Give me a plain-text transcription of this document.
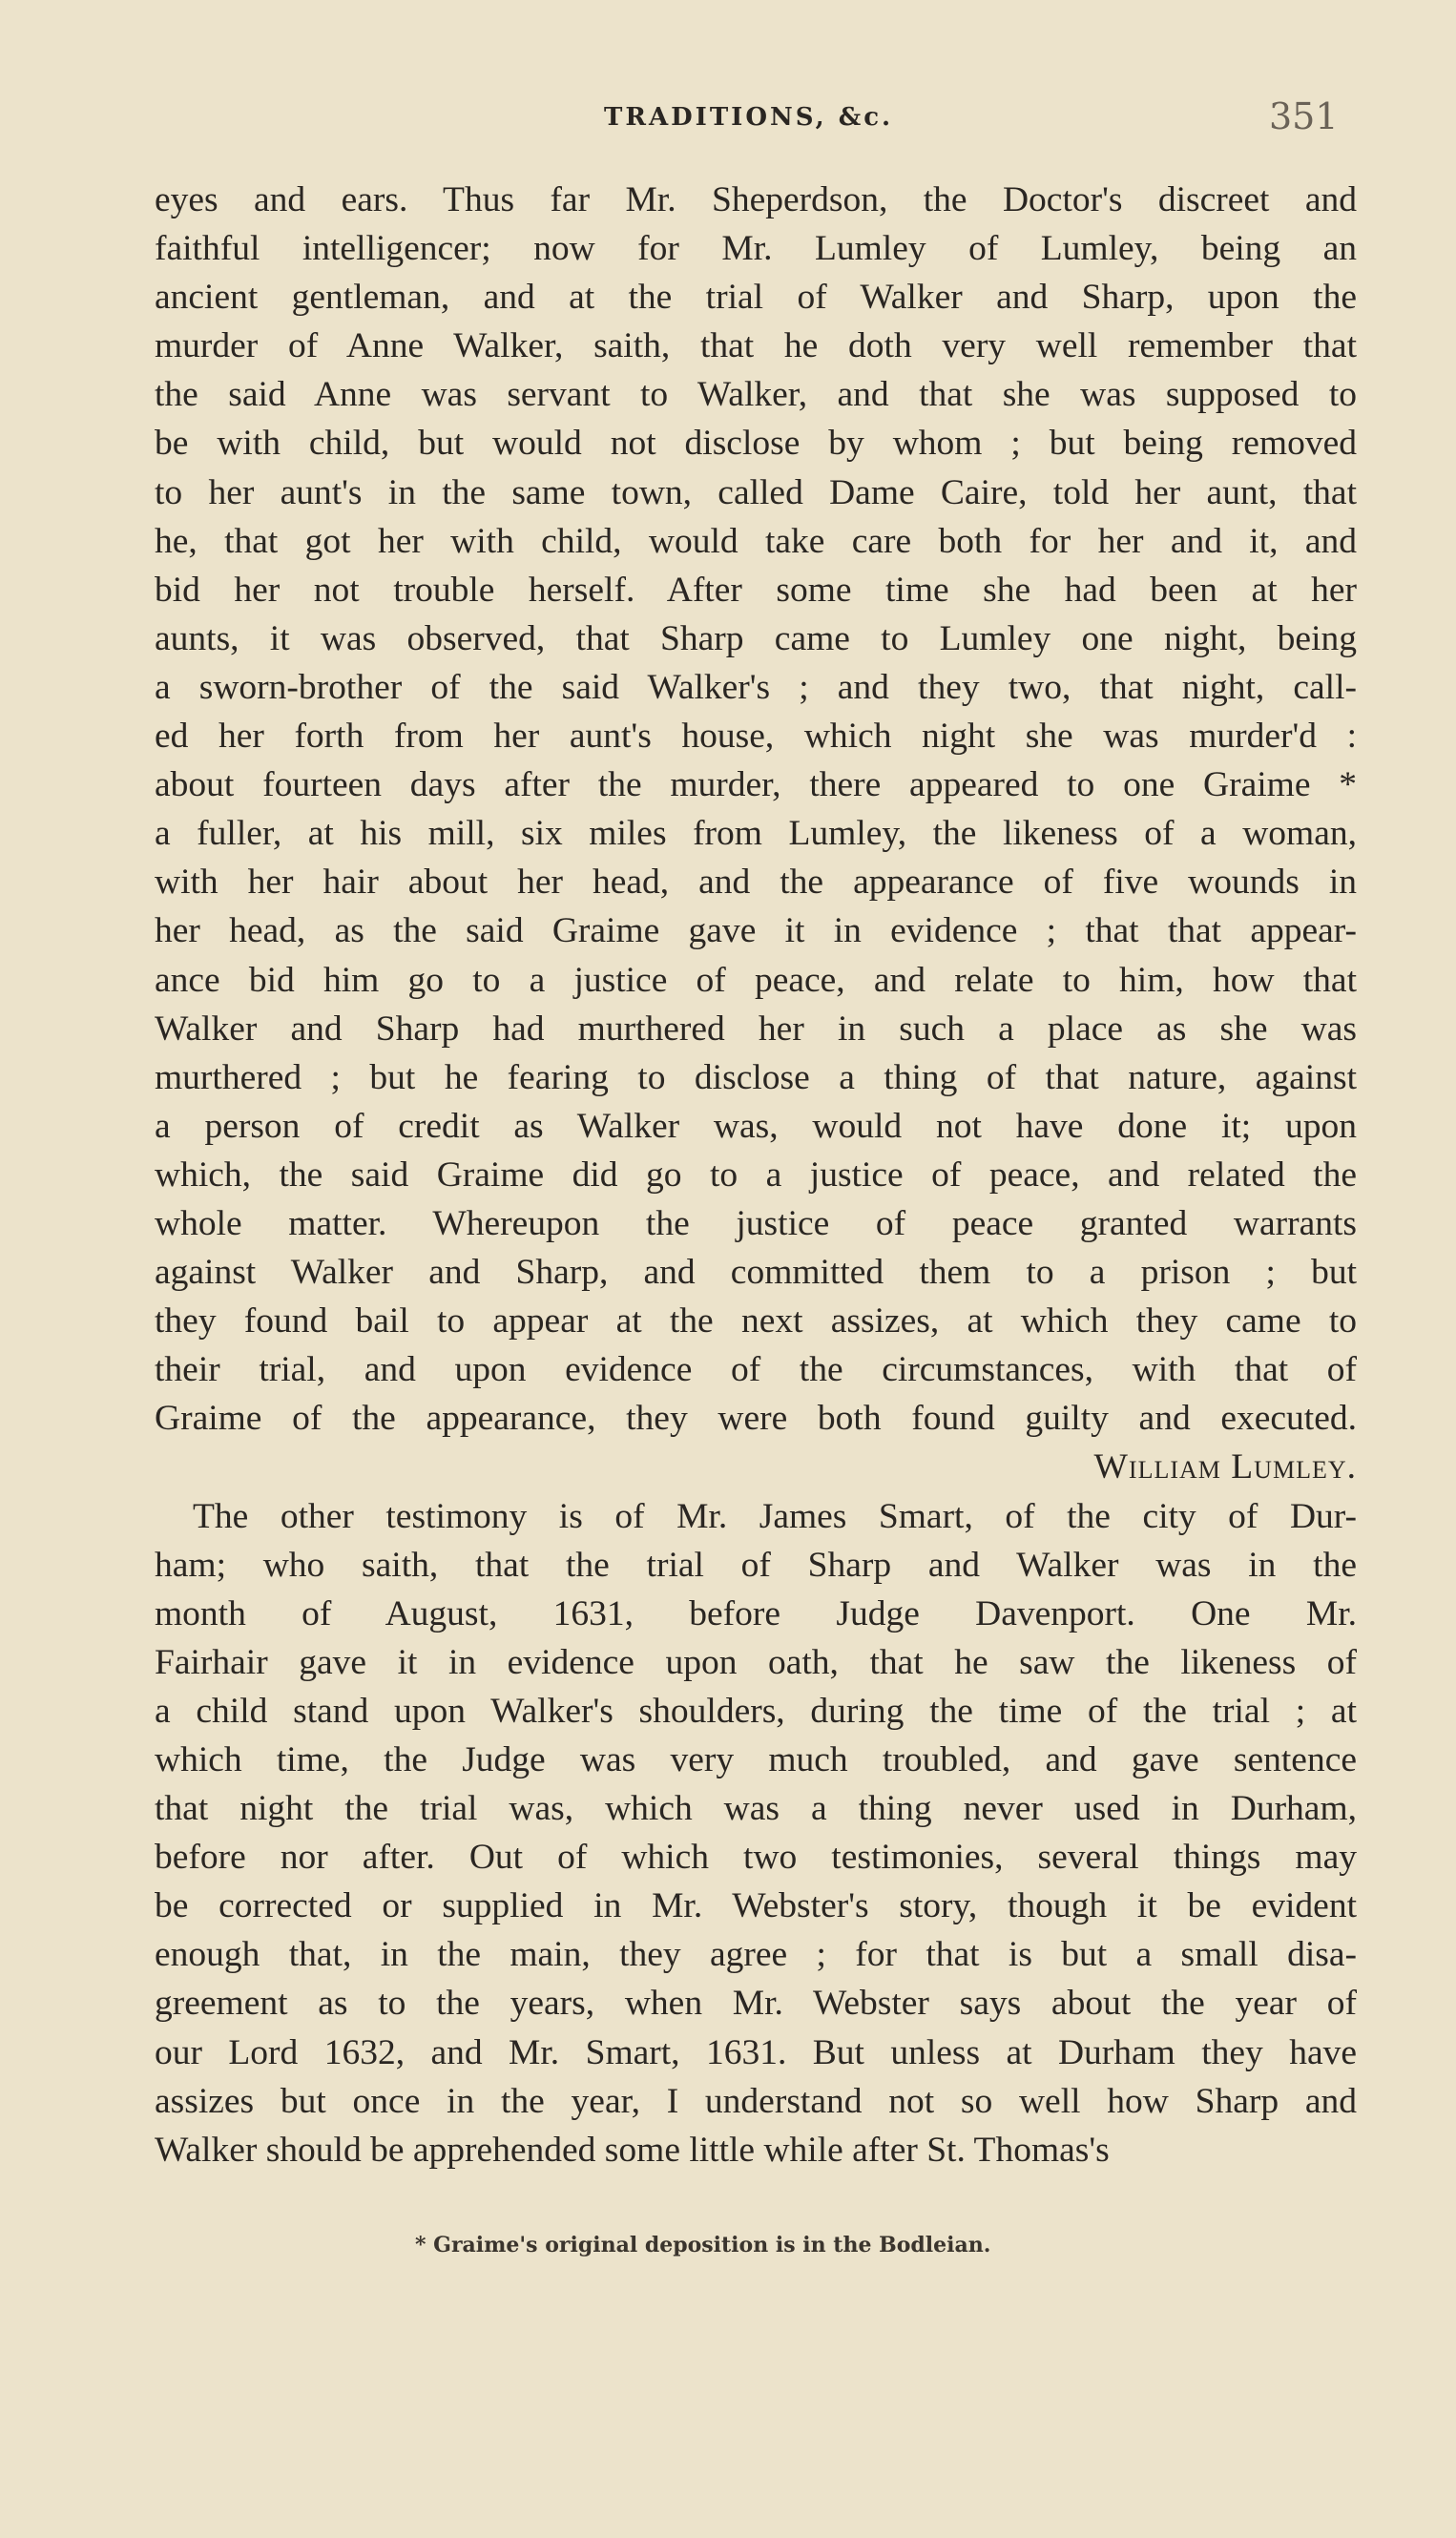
TRADITIONS, &c.	351
eyes and ears. Thus far Mr. Sheperdson, the Doctor's discreet and
faithful intelligencer; now for Mr. Lumley of Lumley, being an
ancient gentleman, and at the trial of Walker and Sharp, upon the
murder of Anne Walker, saith, that he doth very well remember that
the said Anne was servant to Walker, and that she was supposed to
be with child, but would not disclose by whom ; but being removed
to her aunt's in the same town, called Dame Caire, told her aunt, that
he, that got her with child, would take care both for her and it, and
bid her not trouble herself. After some time she had been at her
aunts, it was observed, that Sharp came to Lumley one night, being
a sworn-brother of the said Walker's ; and they two, that night, call-
ed her forth from her aunt's house, which night she was murder'd :
about fourteen days after the murder, there appeared to one Graime *
a fuller, at his mill, six miles from Lumley, the likeness of a woman,
with her hair about her head, and the appearance of five wounds in
her head, as the said Graime gave it in evidence ; that that appear-
ance bid him go to a justice of peace, and relate to him, how that
Walker and Sharp had murthered her in such a place as she was
murthered ; but he fearing to disclose a thing of that nature, against
a person of credit as Walker was, would not have done it; upon
which, the said Graime did go to a justice of peace, and related the
whole matter. Whereupon the justice of peace granted warrants
against Walker and Sharp, and committed them to a prison ; but
they found bail to appear at the next assizes, at which they came to
their trial, and upon evidence of the circumstances, with that of
Graime of the appearance, they were both found guilty and executed.
William Lumley.
The other testimony is of Mr. James Smart, of the city of Dur-
ham; who saith, that the trial of Sharp and Walker was in the
month of August, 1631, before Judge Davenport. One Mr.
Fairhair gave it in evidence upon oath, that he saw the likeness of
a child stand upon Walker's shoulders, during the time of the trial ; at
which time, the Judge was very much troubled, and gave sentence
that night the trial was, which was a thing never used in Durham,
before nor after. Out of which two testimonies, several things may
be corrected or supplied in Mr. Webster's story, though it be evident
enough that, in the main, they agree ; for that is but a small disa-
greement as to the years, when Mr. Webster says about the year of
our Lord 1632, and Mr. Smart, 1631. But unless at Durham they have
assizes but once in the year, I understand not so well how Sharp and
Walker should be apprehended some little while after St. Thomas's
* Graime's original deposition is in the Bodleian.
